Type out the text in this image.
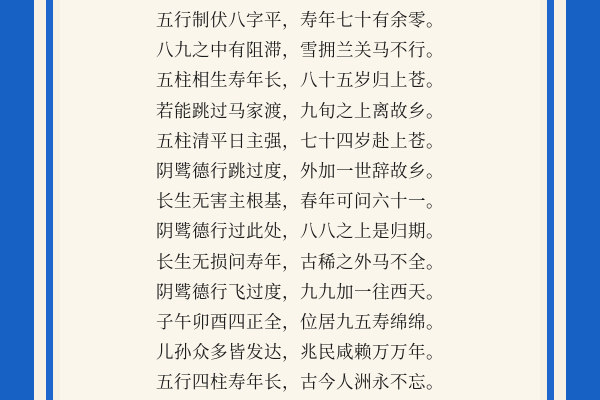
五行制伏八字平，寿年七十有余零。
八九之中有阻滞，雪拥兰关马不行。
五柱相生寿年长，八十五岁归上苍。
若能跳过马家渡，九旬之上离故乡。
五柱清平日主强，七十四岁赴上苍。
阴骘德行跳过度，外加一世辞故乡。
长生无害主根基，春年可问六十一。
阴骘德行过此处，八八之上是归期。
长生无损问寿年，古稀之外马不全。
阴骘德行飞过度，九九加一往西天。
子午卯酉四正全，位居九五寿绵绵。
儿孙众多皆发达，兆民咸赖万万年。
五行四柱寿年长，古今人洲永不忘。
